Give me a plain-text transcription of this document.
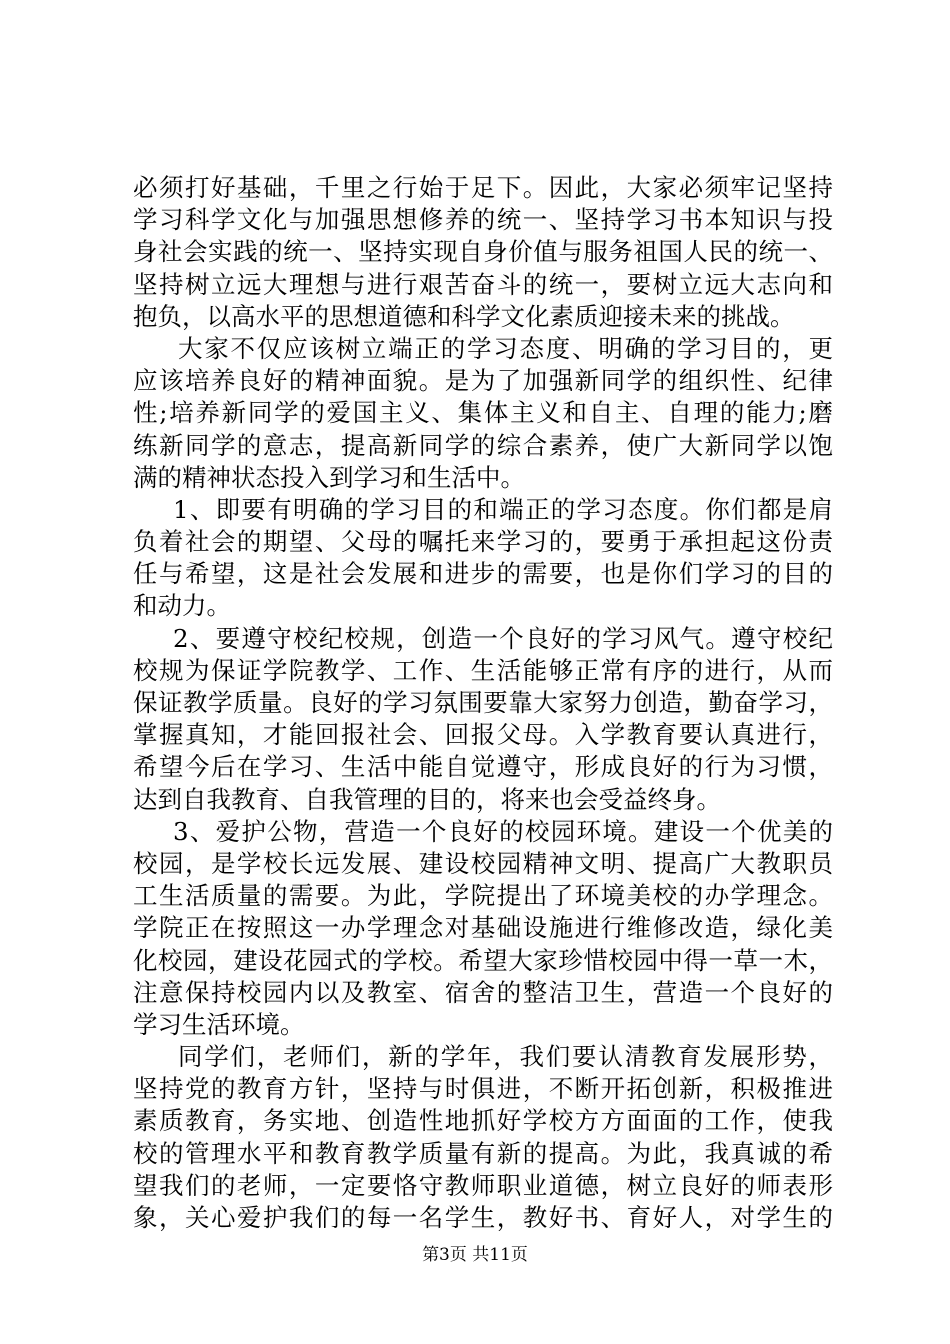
必须打好基础，千里之行始于足下。因此，大家必须牢记坚持
学习科学文化与加强思想修养的统一、坚持学习书本知识与投
身社会实践的统一、坚持实现自身价值与服务祖国人民的统一、
坚持树立远大理想与进行艰苦奋斗的统一，要树立远大志向和
抱负，以高水平的思想道德和科学文化素质迎接未来的挑战。
大家不仅应该树立端正的学习态度、明确的学习目的，更
应该培养良好的精神面貌。是为了加强新同学的组织性、纪律
性;培养新同学的爱国主义、集体主义和自主、自理的能力;磨
练新同学的意志，提高新同学的综合素养，使广大新同学以饱
满的精神状态投入到学习和生活中。
1、即要有明确的学习目的和端正的学习态度。你们都是肩
负着社会的期望、父母的嘱托来学习的，要勇于承担起这份责
任与希望，这是社会发展和进步的需要，也是你们学习的目的
和动力。
2、要遵守校纪校规，创造一个良好的学习风气。遵守校纪
校规为保证学院教学、工作、生活能够正常有序的进行，从而
保证教学质量。良好的学习氛围要靠大家努力创造，勤奋学习，
掌握真知，才能回报社会、回报父母。入学教育要认真进行，
希望今后在学习、生活中能自觉遵守，形成良好的行为习惯，
达到自我教育、自我管理的目的，将来也会受益终身。
3、爱护公物，营造一个良好的校园环境。建设一个优美的
校园，是学校长远发展、建设校园精神文明、提高广大教职员
工生活质量的需要。为此，学院提出了环境美校的办学理念。
学院正在按照这一办学理念对基础设施进行维修改造，绿化美
化校园，建设花园式的学校。希望大家珍惜校园中得一草一木，
注意保持校园内以及教室、宿舍的整洁卫生，营造一个良好的
学习生活环境。
同学们，老师们，新的学年，我们要认清教育发展形势，
坚持党的教育方针，坚持与时俱进，不断开拓创新，积极推进
素质教育，务实地、创造性地抓好学校方方面面的工作，使我
校的管理水平和教育教学质量有新的提高。为此，我真诚的希
望我们的老师，一定要恪守教师职业道德，树立良好的师表形
象，关心爱护我们的每一名学生，教好书、育好人，对学生的
第3页 共11页
